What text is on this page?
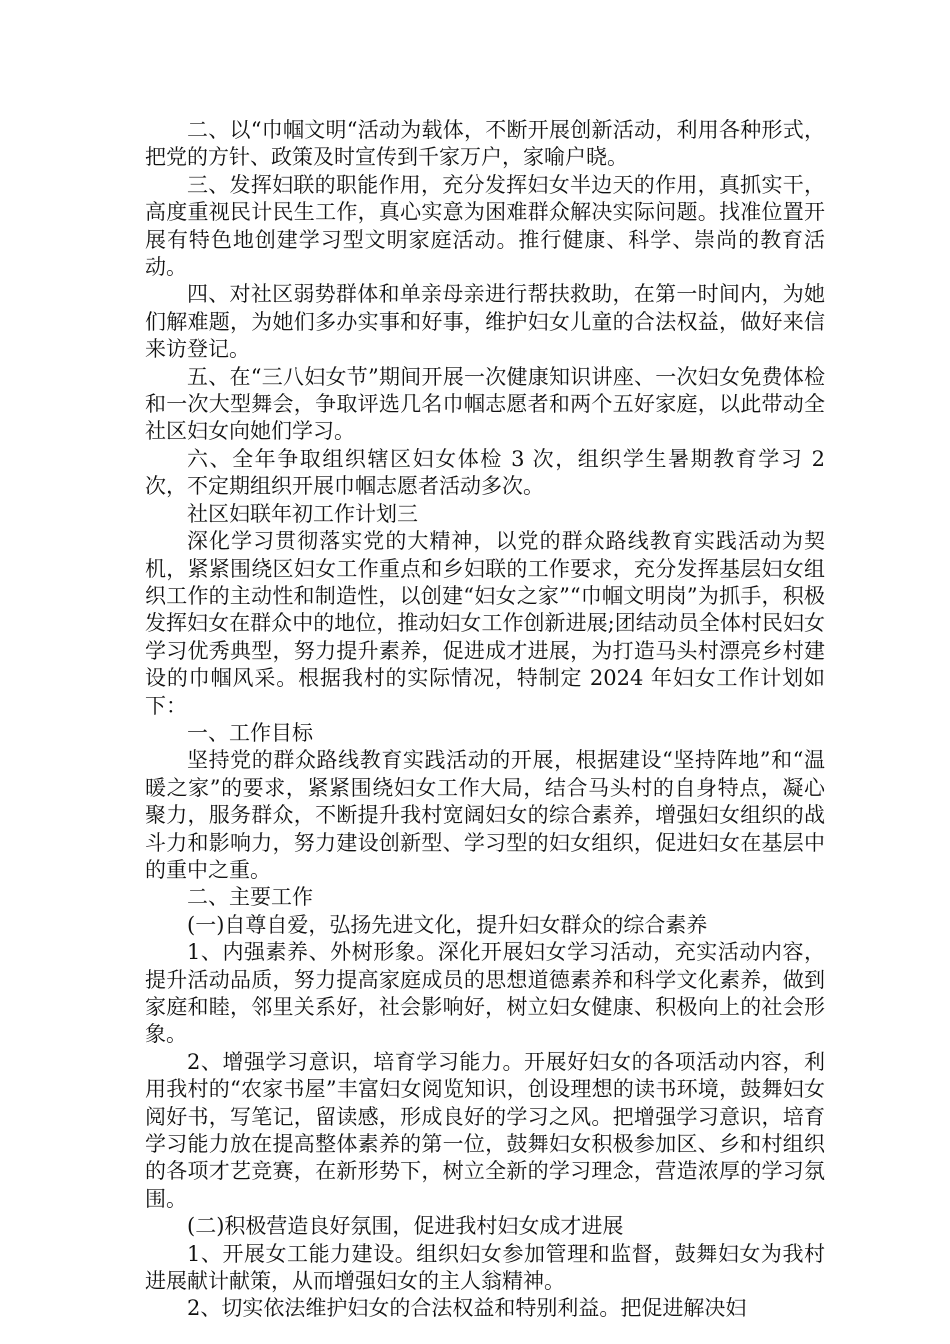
二、以“巾帼文明“活动为载体，不断开展创新活动，利用各种形式，把党的方针、政策及时宣传到千家万户，家喻户晓。

三、发挥妇联的职能作用，充分发挥妇女半边天的作用，真抓实干，高度重视民计民生工作，真心实意为困难群众解决实际问题。找准位置开展有特色地创建学习型文明家庭活动。推行健康、科学、崇尚的教育活动。

四、对社区弱势群体和单亲母亲进行帮扶救助，在第一时间内，为她们解难题，为她们多办实事和好事，维护妇女儿童的合法权益，做好来信来访登记。

五、在“三八妇女节”期间开展一次健康知识讲座、一次妇女免费体检和一次大型舞会，争取评选几名巾帼志愿者和两个五好家庭，以此带动全社区妇女向她们学习。

六、全年争取组织辖区妇女体检 3 次，组织学生暑期教育学习 2 次，不定期组织开展巾帼志愿者活动多次。

社区妇联年初工作计划三

深化学习贯彻落实党的大精神，以党的群众路线教育实践活动为契机，紧紧围绕区妇女工作重点和乡妇联的工作要求，充分发挥基层妇女组织工作的主动性和制造性，以创建“妇女之家”“巾帼文明岗”为抓手，积极发挥妇女在群众中的地位，推动妇女工作创新进展;团结动员全体村民妇女学习优秀典型，努力提升素养，促进成才进展，为打造马头村漂亮乡村建设的巾帼风采。根据我村的实际情况，特制定 2024 年妇女工作计划如下：

一、工作目标

坚持党的群众路线教育实践活动的开展，根据建设“坚持阵地”和“温暖之家”的要求，紧紧围绕妇女工作大局，结合马头村的自身特点，凝心聚力，服务群众，不断提升我村宽阔妇女的综合素养，增强妇女组织的战斗力和影响力，努力建设创新型、学习型的妇女组织，促进妇女在基层中的重中之重。

二、主要工作

(一)自尊自爱，弘扬先进文化，提升妇女群众的综合素养

1、内强素养、外树形象。深化开展妇女学习活动，充实活动内容，提升活动品质，努力提高家庭成员的思想道德素养和科学文化素养，做到家庭和睦，邻里关系好，社会影响好，树立妇女健康、积极向上的社会形象。

2、增强学习意识，培育学习能力。开展好妇女的各项活动内容，利用我村的“农家书屋”丰富妇女阅览知识，创设理想的读书环境，鼓舞妇女阅好书，写笔记，留读感，形成良好的学习之风。把增强学习意识，培育学习能力放在提高整体素养的第一位，鼓舞妇女积极参加区、乡和村组织的各项才艺竞赛，在新形势下，树立全新的学习理念，营造浓厚的学习氛围。

(二)积极营造良好氛围，促进我村妇女成才进展

1、开展女工能力建设。组织妇女参加管理和监督，鼓舞妇女为我村进展献计献策，从而增强妇女的主人翁精神。

2、切实依法维护妇女的合法权益和特别利益。把促进解决妇
